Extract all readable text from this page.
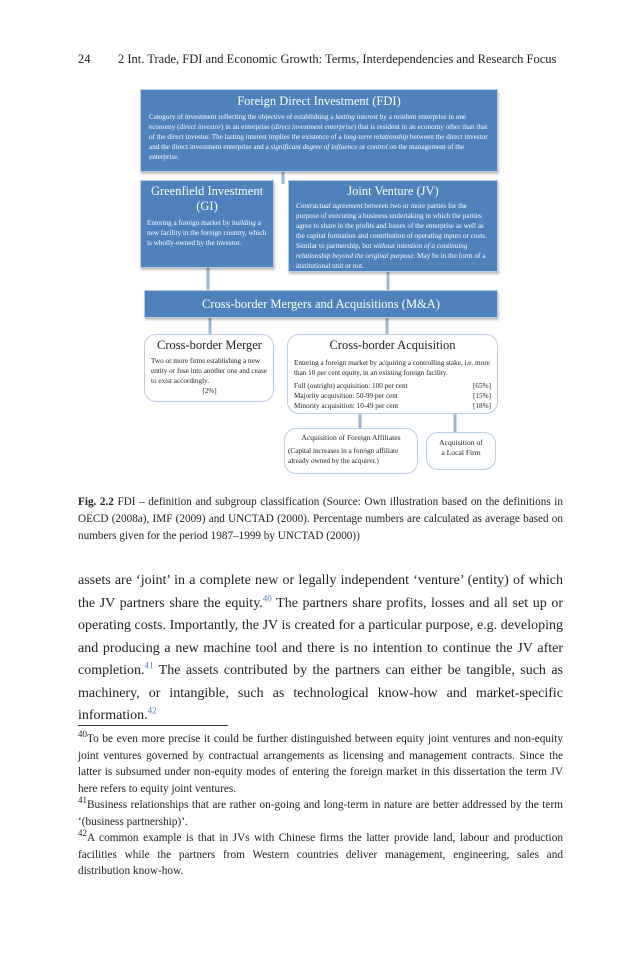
24 2 Int. Trade, FDI and Economic Growth: Terms, Interdependencies and Research Focus
Foreign Direct Investment (FDI)
Category of investment reflecting the objective of establishing a lasting interest by a resident enterprise in one economy (direct investor) in an enterprise (direct investment enterprise) that is resident in an economy other than that of the direct investor. The lasting interest implies the existence of a long-term relationship between the direct investor and the direct investment enterprise and a significant degree of influence or control on the management of the enterprise.
Greenfield Investment
(GI)
Entering a foreign market by building a new facility in the foreign country, which is wholly-owned by the investor.
Joint Venture (JV)
Contractual agreement between two or more parties for the purpose of executing a business undertaking in which the parties agree to share in the profits and losses of the enterprise as well as the capital formation and contribution of operating inputs or costs. Similar to partnership, but without intention of a continuing relationship beyond the original purpose. May be in the form of a institutional unit or not.
Cross-border Mergers and Acquisitions (M&A)
Cross-border Merger
Two or more firms establishing a new entity or fuse into another one and cease to exist accordingly.
[2%]
Cross-border Acquisition
Entering a foreign market by acquiring a controlling stake, i.e. more than 10 per cent equity, in an existing foreign facility.
Full (outright) acquisition: 100 per cent	[65%]
Majority acquisition: 50-99 per cent	[15%]
Minority acquisition: 10-49 per cent	[18%]
Acquisition of Foreign Affiliates
(Capital increases in a foreign affiliate already owned by the acquirer.)
Acquisition of
a Local Firm
Fig. 2.2 FDI – definition and subgroup classification (Source: Own illustration based on the definitions in OECD (2008a), IMF (2009) and UNCTAD (2000). Percentage numbers are calculated as average based on numbers given for the period 1987–1999 by UNCTAD (2000))
assets are ‘joint’ in a complete new or legally independent ‘venture’ (entity) of which the JV partners share the equity.$^{40}$ The partners share profits, losses and all set up or operating costs. Importantly, the JV is created for a particular purpose, e.g. developing and producing a new machine tool and there is no intention to continue the JV after completion.$^{41}$ The assets contributed by the partners can either be tangible, such as machinery, or intangible, such as technological know-how and market-specific information.$^{42}$
$^{40}$To be even more precise it could be further distinguished between equity joint ventures and non-equity joint ventures governed by contractual arrangements as licensing and management contracts. Since the latter is subsumed under non-equity modes of entering the foreign market in this dissertation the term JV here refers to equity joint ventures.
$^{41}$Business relationships that are rather on-going and long-term in nature are better addressed by the term ‘(business partnership)’.
$^{42}$A common example is that in JVs with Chinese firms the latter provide land, labour and production facilities while the partners from Western countries deliver management, engineering, sales and distribution know-how.
